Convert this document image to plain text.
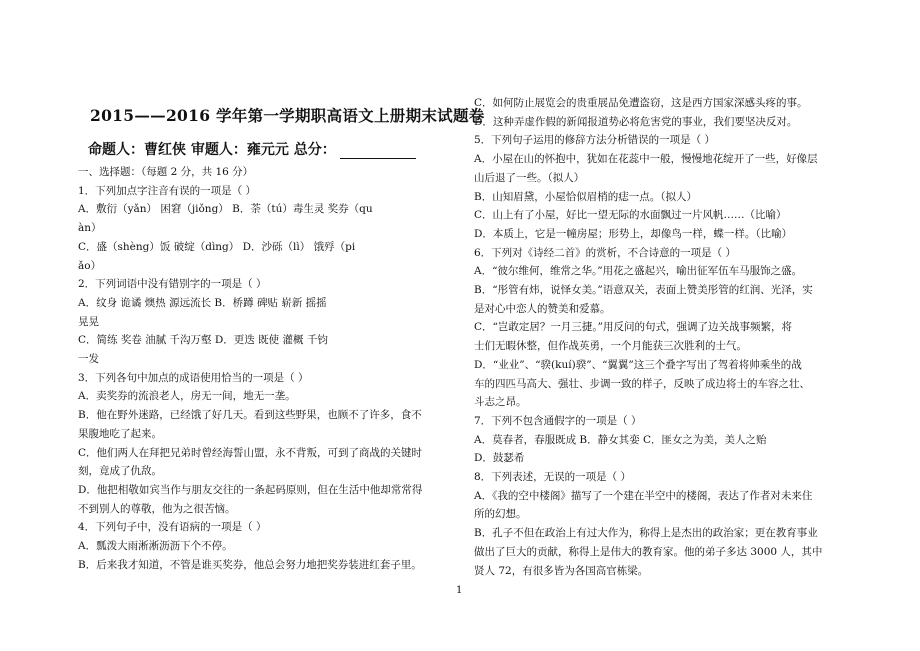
2015——2016 学年第一学期职高语文上册期末试题卷
命题人：曹红侠 审题人：雍元元 总分：
一、选择题：（每题 2 分，共 16 分）
1．下列加点字注音有误的一项是（ ）
A．敷衍（yǎn） 困窘（jiǒng） B．荼（tú）毒生灵 奖券（qu
àn）
C．盛（shèng）饭 破绽（dìng） D．沙砾（lì） 饿殍（pi
ǎo）
2．下列词语中没有错别字的一项是（ ）
A．纹身 诡谲 燠热 源远流长 B．桥蹲 碑贴 崭新 摇摇
晃晃
C．简练 奖卷 油腻 千沟万壑 D．更迭 既使 灌概 千钧
一发
3．下列各句中加点的成语使用恰当的一项是（ ）
A．卖奖券的流浪老人，房无一间，地无一垄。
B．他在野外迷路，已经饿了好几天。看到这些野果，也顾不了许多，食不
果腹地吃了起来。
C．他们两人在拜把兄弟时曾经海誓山盟，永不背叛，可到了商战的关键时
刻，竟成了仇敌。
D．他把相敬如宾当作与朋友交往的一条起码原则，但在生活中他却常常得
不到别人的尊敬，他为之很苦恼。
4．下列句子中，没有语病的一项是（ ）
A．瓢泼大雨淅淅沥沥下个不停。
B．后来我才知道，不管是谁买奖券，他总会努力地把奖券装进红套子里。
C．如何防止展览会的贵重展品免遭盗窃，这是西方国家深感头疼的事。
D．这种弄虚作假的新闻报道势必将危害党的事业，我们要坚决反对。
5．下列句子运用的修辞方法分析错误的一项是（ ）
A．小屋在山的怀抱中，犹如在花蕊中一般，慢慢地花绽开了一些，好像层
山后退了一些。（拟人）
B．山知眉黛，小屋恰似眉梢的痣一点。（拟人）
C．山上有了小屋，好比一望无际的水面飘过一片风帆……（比喻）
D．本质上，它是一幢房屋；形势上，却像鸟一样，蝶一样。（比喻）
6．下列对《诗经二首》的赏析，不合诗意的一项是（ ）
A．“彼尔维何，维常之华。”用花之盛起兴，喻出征军伍车马服饰之盛。
B．“彤管有炜，说怿女美。”语意双关，表面上赞美彤管的红润、光泽，实
是对心中恋人的赞美和爱慕。
C．“岂敢定居？一月三捷。”用反问的句式，强调了边关战事频繁，将
士们无暇休整，但作战英勇，一个月能获三次胜利的士气。
D．“业业”、“骙(kuí)骙”、“翼翼”这三个叠字写出了驾着将帅乘坐的战
车的四匹马高大、强壮、步调一致的样子，反映了成边将士的车容之壮、
斗志之昂。
7．下列不包含通假字的一项是（ ）
A．莫春者，春服既成 B．静女其娈 C．匪女之为美，美人之贻
D．鼓瑟希
8．下列表述，无误的一项是（ ）
A．《我的空中楼阁》描写了一个建在半空中的楼阁，表达了作者对未来住
所的幻想。
B．孔子不但在政治上有过大作为，称得上是杰出的政治家；更在教育事业
做出了巨大的贡献，称得上是伟大的教育家。他的弟子多达 3000 人，其中
贤人 72，有很多皆为各国高官栋梁。
1
